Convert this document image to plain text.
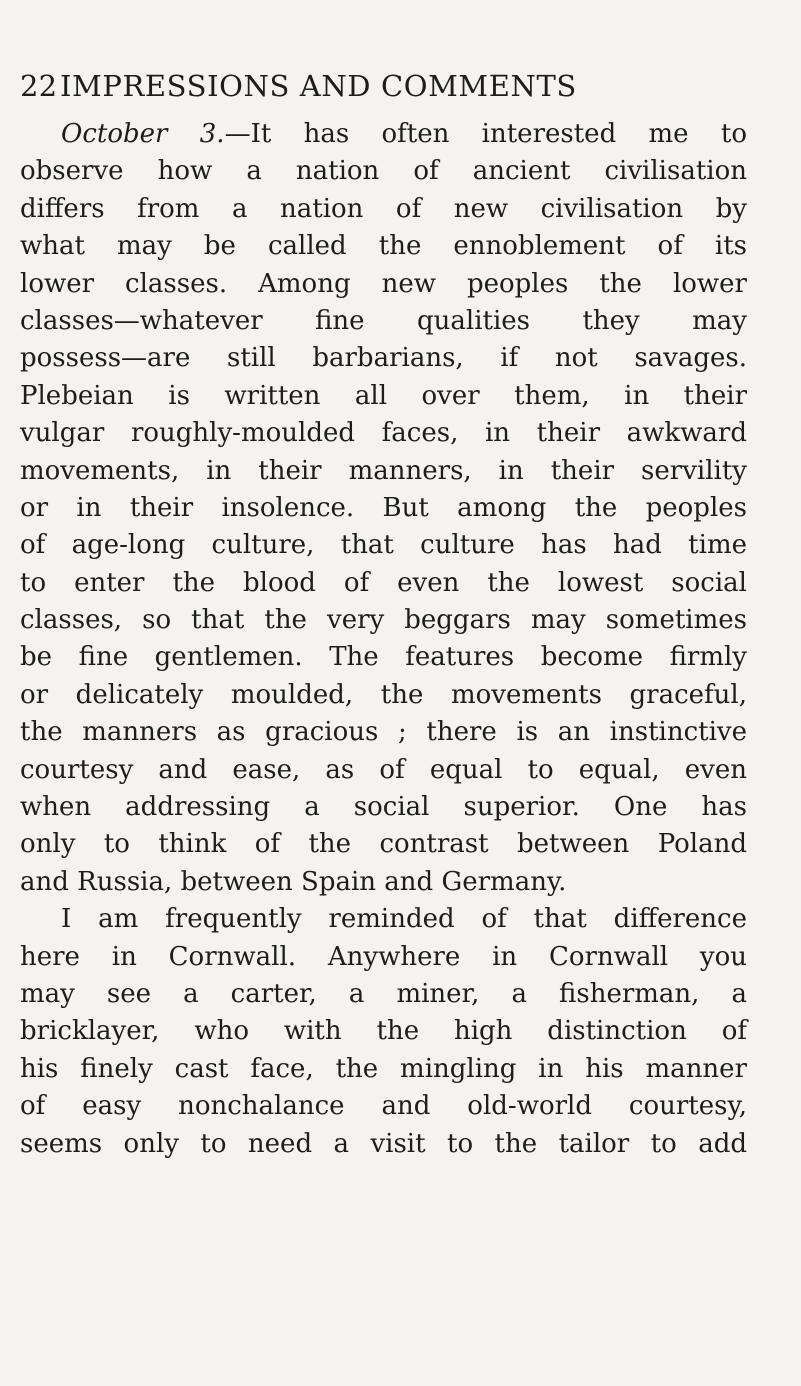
22IMPRESSIONS AND COMMENTS
October 3.—It has often interested me to
observe how a nation of ancient civilisation
differs from a nation of new civilisation by
what may be called the ennoblement of its
lower classes. Among new peoples the lower
classes—whatever fine qualities they may
possess—are still barbarians, if not savages.
Plebeian is written all over them, in their
vulgar roughly-moulded faces, in their awkward
movements, in their manners, in their servility
or in their insolence. But among the peoples
of age-long culture, that culture has had time
to enter the blood of even the lowest social
classes, so that the very beggars may sometimes
be fine gentlemen. The features become firmly
or delicately moulded, the movements graceful,
the manners as gracious ; there is an instinctive
courtesy and ease, as of equal to equal, even
when addressing a social superior. One has
only to think of the contrast between Poland
and Russia, between Spain and Germany.
I am frequently reminded of that difference
here in Cornwall. Anywhere in Cornwall you
may see a carter, a miner, a fisherman, a
bricklayer, who with the high distinction of
his finely cast face, the mingling in his manner
of easy nonchalance and old-world courtesy,
seems only to need a visit to the tailor to add
